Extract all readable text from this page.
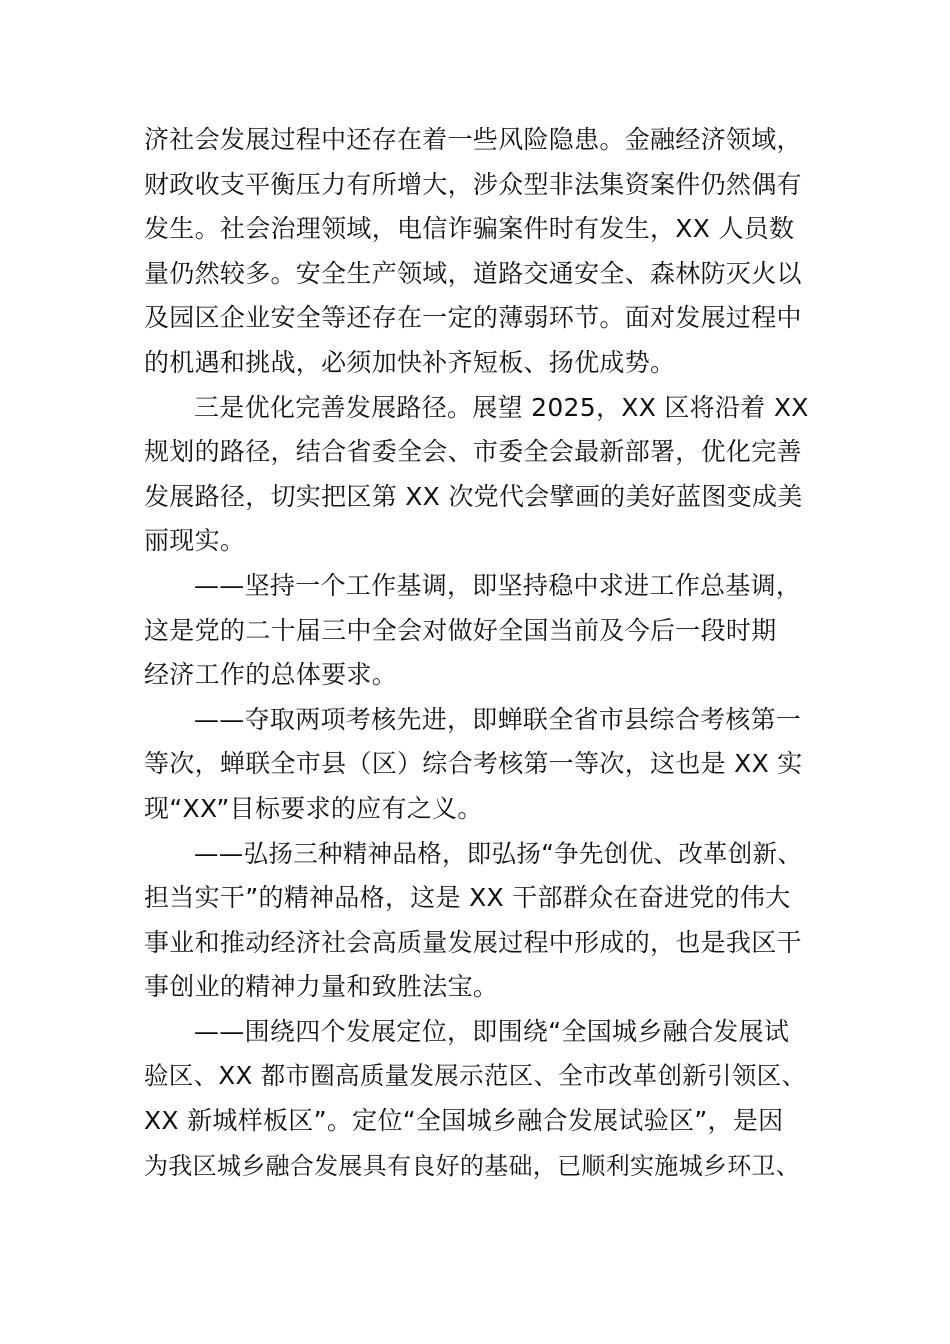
济社会发展过程中还存在着一些风险隐患。金融经济领域，
财政收支平衡压力有所增大，涉众型非法集资案件仍然偶有
发生。社会治理领域，电信诈骗案件时有发生，XX 人员数
量仍然较多。安全生产领域，道路交通安全、森林防灭火以
及园区企业安全等还存在一定的薄弱环节。面对发展过程中
的机遇和挑战，必须加快补齐短板、扬优成势。
三是优化完善发展路径。展望 2025，XX 区将沿着 XX
规划的路径，结合省委全会、市委全会最新部署，优化完善
发展路径，切实把区第 XX 次党代会擘画的美好蓝图变成美
丽现实。
——坚持一个工作基调，即坚持稳中求进工作总基调，
这是党的二十届三中全会对做好全国当前及今后一段时期
经济工作的总体要求。
——夺取两项考核先进，即蝉联全省市县综合考核第一
等次，蝉联全市县（区）综合考核第一等次，这也是 XX 实
现“XX”目标要求的应有之义。
——弘扬三种精神品格，即弘扬“争先创优、改革创新、
担当实干”的精神品格，这是 XX 干部群众在奋进党的伟大
事业和推动经济社会高质量发展过程中形成的，也是我区干
事创业的精神力量和致胜法宝。
——围绕四个发展定位，即围绕“全国城乡融合发展试
验区、XX 都市圈高质量发展示范区、全市改革创新引领区、
XX 新城样板区”。定位“全国城乡融合发展试验区”，是因
为我区城乡融合发展具有良好的基础，已顺利实施城乡环卫、
